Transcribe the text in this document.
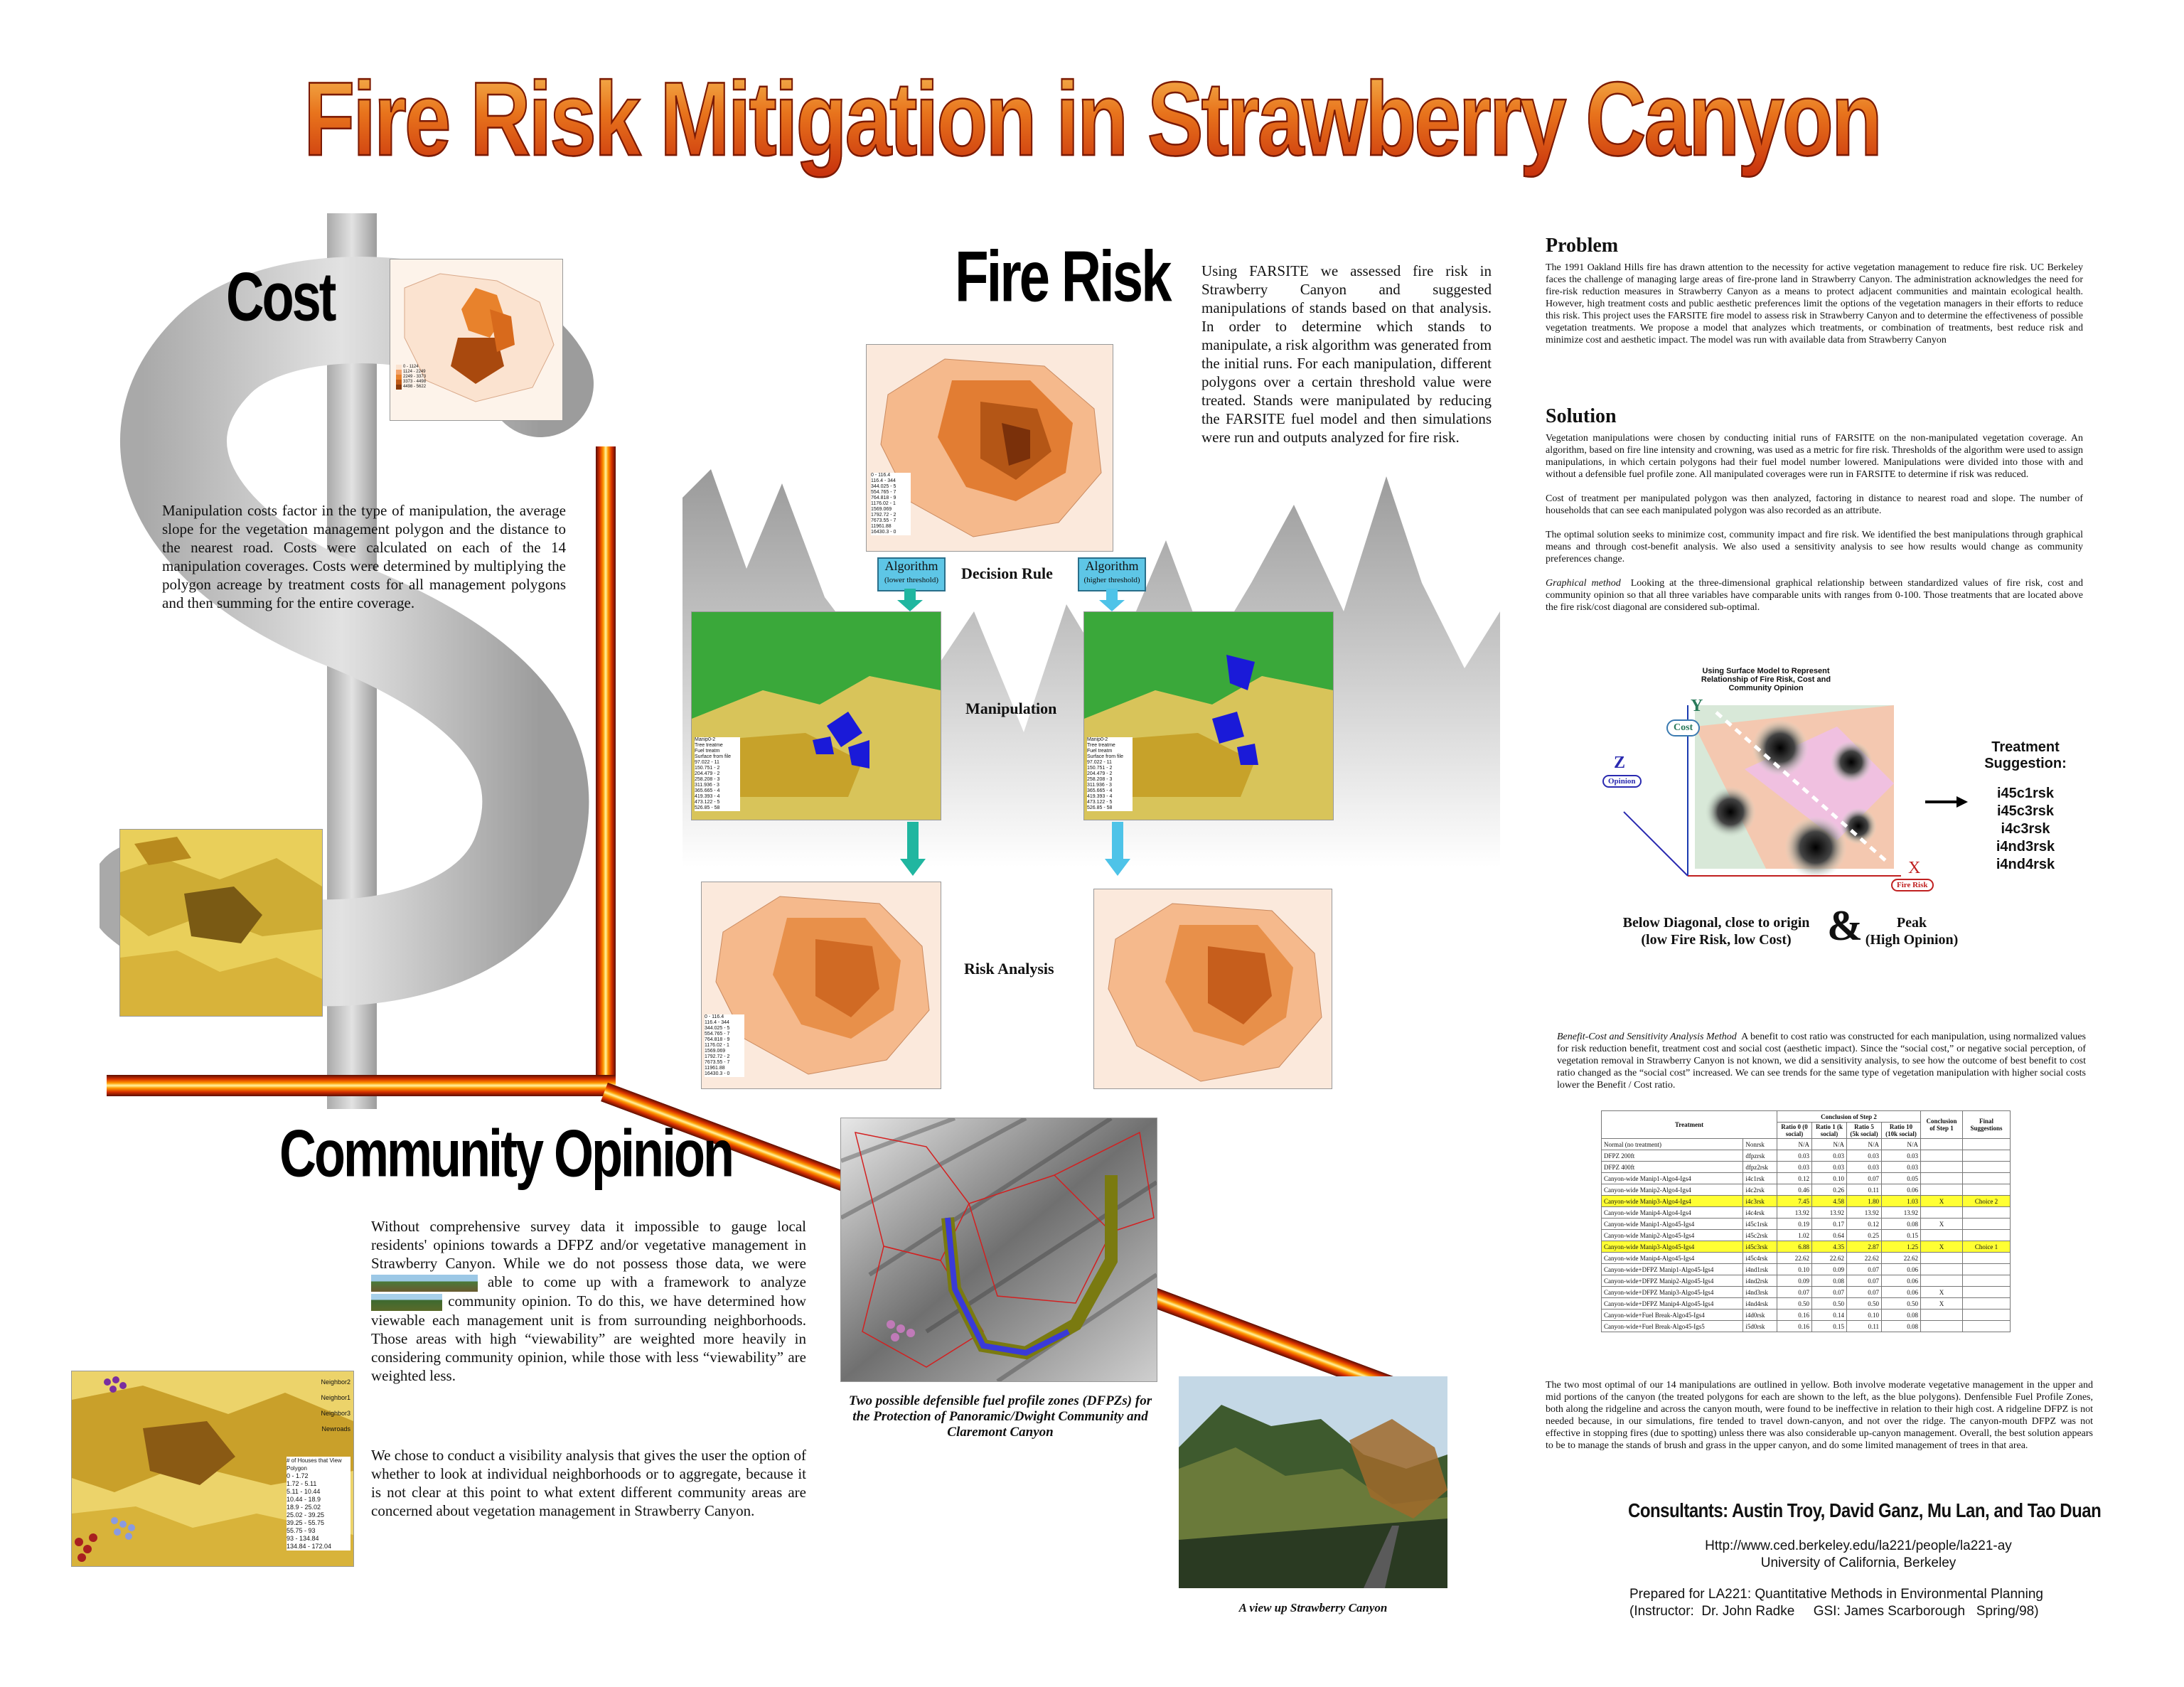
Fire Risk Mitigation in Strawberry Canyon
Cost	Fire Risk
Community Opinion
0 - 1124
1124 - 2249
2249 - 3373
3373 - 4498
4498 - 5622
Manipulation costs factor in the type of manipulation, the average slope for the vegetation management polygon and the distance to the nearest road. Costs were calculated on each of the 14 manipulation coverages. Costs were determined by multiplying the polygon acreage by treatment costs for all management polygons and then summing for the entire coverage.
Using FARSITE we assessed fire risk in Strawberry Canyon and suggested manipulations of stands based on that analysis. In order to determine which stands to manipulate, a risk algorithm was generated from the initial runs. For each manipulation, different polygons over a certain threshold value were treated. Stands were manipulated by reducing the FARSITE fuel model and then simulations were run and outputs analyzed for fire risk.
0 - 116.4
116.4 - 344
344.025 - 5
554.765 - 7
764.818 - 9
1176.02 - 1
1569.069
1792.72 - 2
7673.55 - 7
11961.88
16430.3 - 0
Algorithm
(lower threshold)
Algorithm
(higher threshold)
Decision Rule
Manipulation
Risk Analysis
Manip0-2
Tree treatme
Fuel treatm
Surface from file
97.022 - 11
150.751 - 2
204.479 - 2
258.208 - 3
311.936 - 3
365.665 - 4
419.393 - 4
473.122 - 5
526.85 - 58
Manip0-2
Tree treatme
Fuel treatm
Surface from file
97.022 - 11
150.751 - 2
204.479 - 2
258.208 - 3
311.936 - 3
365.665 - 4
419.393 - 4
473.122 - 5
526.85 - 58
0 - 116.4
116.4 - 344
344.025 - 5
554.765 - 7
764.818 - 9
1176.02 - 1
1569.069
1792.72 - 2
7673.55 - 7
11961.88
16430.3 - 0
Without comprehensive survey data it impossible to gauge local residents' opinions towards a DFPZ and/or vegetative management in Strawberry Canyon. While we do not possess those data, we were  able to come up with a framework to analyze  community opinion. To do this, we have determined how viewable each management unit is from surrounding neighborhoods. Those areas with high “viewability” are weighted more heavily in considering community opinion, while those with less “viewability” are weighted less.
We chose to conduct a visibility analysis that gives the user the option of whether to look at individual neighborhoods or to aggregate, because it is not clear at this point to what extent different community areas are concerned about vegetation management in Strawberry Canyon.
Neighbor2
Neighbor1
Neighbor3
Newroads
# of Houses that View Polygon
0 - 1.72
1.72 - 5.11
5.11 - 10.44
10.44 - 18.9
18.9 - 25.02
25.02 - 39.25
39.25 - 55.75
55.75 - 93
93 - 134.84
134.84 - 172.04
Two possible defensible fuel profile zones (DFPZs) for the Protection of Panoramic/Dwight Community and Claremont Canyon
A view up Strawberry Canyon
Problem
The 1991 Oakland Hills fire has drawn attention to the necessity for active vegetation management to reduce fire risk. UC Berkeley faces the challenge of managing large areas of fire-prone land in Strawberry Canyon. The administration acknowledges the need for fire-risk reduction measures in Strawberry Canyon as a means to protect adjacent communities and maintain ecological health. However, high treatment costs and public aesthetic preferences limit the options of the vegetation managers in their efforts to reduce this risk. This project uses the FARSITE fire model to assess risk in Strawberry Canyon and to determine the effectiveness of possible vegetation treatments. We propose a model that analyzes which treatments, or combination of treatments, best reduce risk and minimize cost and aesthetic impact. The model was run with available data from Strawberry Canyon
Solution

Vegetation manipulations were chosen by conducting initial runs of FARSITE on the non-manipulated vegetation coverage. An algorithm, based on fire line intensity and crowning, was used as a metric for fire risk. Thresholds of the algorithm were used to assign manipulations, in which certain polygons had their fuel model number lowered. Manipulations were divided into those with and without a defensible fuel profile zone. All manipulated coverages were run in FARSITE to determine if risk was reduced.

Cost of treatment per manipulated polygon was then analyzed, factoring in distance to nearest road and slope. The number of households that can see each manipulated polygon was also recorded as an attribute.

The optimal solution seeks to minimize cost, community impact and fire risk. We identified the best manipulations through graphical means and through cost-benefit analysis. We also used a sensitivity analysis to see how results would change as community preferences change.

Graphical method Looking at the three-dimensional graphical relationship between standardized values of fire risk, cost and community opinion so that all three variables have comparable units with ranges from 0-100. Those treatments that are located above the fire risk/cost diagonal are considered sub-optimal.

Using Surface Model to Represent Relationship of Fire Risk, Cost and Community Opinion
Y
Cost
Z
Opinion
X
Fire Risk
Treatment Suggestion:
i45c1rsk
i45c3rsk
i4c3rsk
i4nd3rsk
i4nd4rsk
Below Diagonal, close to origin
(low Fire Risk, low Cost) &	Peak
(High Opinion)
Benefit-Cost and Sensitivity Analysis Method A benefit to cost ratio was constructed for each manipulation, using normalized values for risk reduction benefit, treatment cost and social cost (aesthetic impact). Since the “social cost,” or negative social perception, of vegetation removal in Strawberry Canyon is not known, we did a sensitivity analysis, to see how the outcome of best benefit to cost ratio changed as the “social cost” increased. We can see trends for the same type of vegetation manipulation with higher social costs lower the Benefit / Cost ratio.
Treatment		Conclusion of Step 2				Conclusion of Step 1	Final Suggestions
		Ratio 0 (0 social)	Ratio 1 (k social)	Ratio 5 (5k social)	Ratio 10 (10k social)		
Normal (no treatment)	Nonrsk	N/A	N/A	N/A	N/A		
DFPZ 200ft	dfpzrsk	0.03	0.03	0.03	0.03		
DFPZ 400ft	dfpz2rsk	0.03	0.03	0.03	0.03		
Canyon-wide Manip1-Algo4-Igs4	i4c1rsk	0.12	0.10	0.07	0.05		
Canyon-wide Manip2-Algo4-Igs4	i4c2rsk	0.46	0.26	0.11	0.06		
Canyon-wide Manip3-Algo4-Igs4	i4c3rsk	7.45	4.58	1.80	1.03	X	Choice 2
Canyon-wide Manip4-Algo4-Igs4	i4c4rsk	13.92	13.92	13.92	13.92		
Canyon-wide Manip1-Algo45-Igs4	i45c1rsk	0.19	0.17	0.12	0.08	X	
Canyon-wide Manip2-Algo45-Igs4	i45c2rsk	1.02	0.64	0.25	0.15		
Canyon-wide Manip3-Algo45-Igs4	i45c3rsk	6.88	4.35	2.87	1.25	X	Choice 1
Canyon-wide Manip4-Algo45-Igs4	i45c4rsk	22.62	22.62	22.62	22.62		
Canyon-wide+DFPZ Manip1-Algo45-Igs4	i4nd1rsk	0.10	0.09	0.07	0.06		
Canyon-wide+DFPZ Manip2-Algo45-Igs4	i4nd2rsk	0.09	0.08	0.07	0.06		
Canyon-wide+DFPZ Manip3-Algo45-Igs4	i4nd3rsk	0.07	0.07	0.07	0.06	X	
Canyon-wide+DFPZ Manip4-Algo45-Igs4	i4nd4rsk	0.50	0.50	0.50	0.50	X	
Canyon-wide+Fuel Break-Algo45-Igs4	i4d0rsk	0.16	0.14	0.10	0.08		
Canyon-wide+Fuel Break-Algo45-Igs5	i5d0rsk	0.16	0.15	0.11	0.08		
The two most optimal of our 14 manipulations are outlined in yellow. Both involve moderate vegetative management in the upper and mid portions of the canyon (the treated polygons for each are shown to the left, as the blue polygons). Denfensible Fuel Profile Zones, both along the ridgeline and across the canyon mouth, were found to be ineffective in relation to their high cost. A ridgeline DFPZ is not needed because, in our simulations, fire tended to travel down-canyon, and not over the ridge. The canyon-mouth DFPZ was not effective in stopping fires (due to spotting) unless there was also considerable up-canyon management. Overall, the best solution appears to be to manage the stands of brush and grass in the upper canyon, and do some limited management of trees in that area.
Consultants: Austin Troy, David Ganz, Mu Lan, and Tao Duan
Http://www.ced.berkeley.edu/la221/people/la221-ay
University of California, Berkeley
Prepared for LA221: Quantitative Methods in Environmental Planning
(Instructor:  Dr. John Radke     GSI: James Scarborough   Spring/98)
